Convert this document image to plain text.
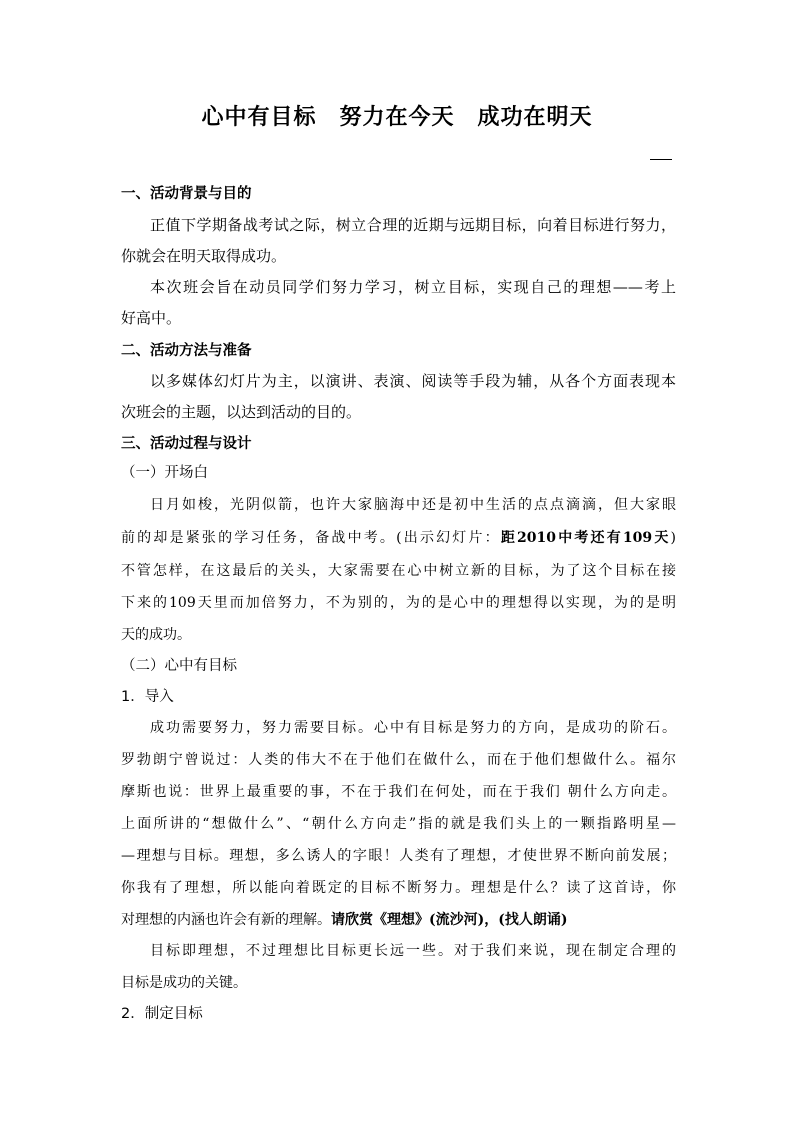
心中有目标　努力在今天　成功在明天
一、活动背景与目的
正值下学期备战考试之际，树立合理的近期与远期目标，向着目标进行努力，
你就会在明天取得成功。
本次班会旨在动员同学们努力学习，树立目标，实现自己的理想——考上
好高中。
二、活动方法与准备
以多媒体幻灯片为主，以演讲、表演、阅读等手段为辅，从各个方面表现本
次班会的主题，以达到活动的目的。
三、活动过程与设计
（一）开场白
日月如梭，光阴似箭，也许大家脑海中还是初中生活的点点滴滴，但大家眼
前的却是紧张的学习任务，备战中考。(出示幻灯片：距2010中考还有109天)
不管怎样，在这最后的关头，大家需要在心中树立新的目标，为了这个目标在接
下来的109天里而加倍努力，不为别的，为的是心中的理想得以实现，为的是明
天的成功。
（二）心中有目标
1．导入
成功需要努力，努力需要目标。心中有目标是努力的方向，是成功的阶石。
罗勃朗宁曾说过：人类的伟大不在于他们在做什么，而在于他们想做什么。福尔
摩斯也说：世界上最重要的事，不在于我们在何处，而在于我们 朝什么方向走。
上面所讲的“想做什么”、“朝什么方向走”指的就是我们头上的一颗指路明星—
—理想与目标。理想，多么诱人的字眼！人类有了理想，才使世界不断向前发展；
你我有了理想，所以能向着既定的目标不断努力。理想是什么？读了这首诗，你
对理想的内涵也许会有新的理解。请欣赏《理想》(流沙河)，(找人朗诵)
目标即理想，不过理想比目标更长远一些。对于我们来说，现在制定合理的
目标是成功的关键。
2．制定目标
